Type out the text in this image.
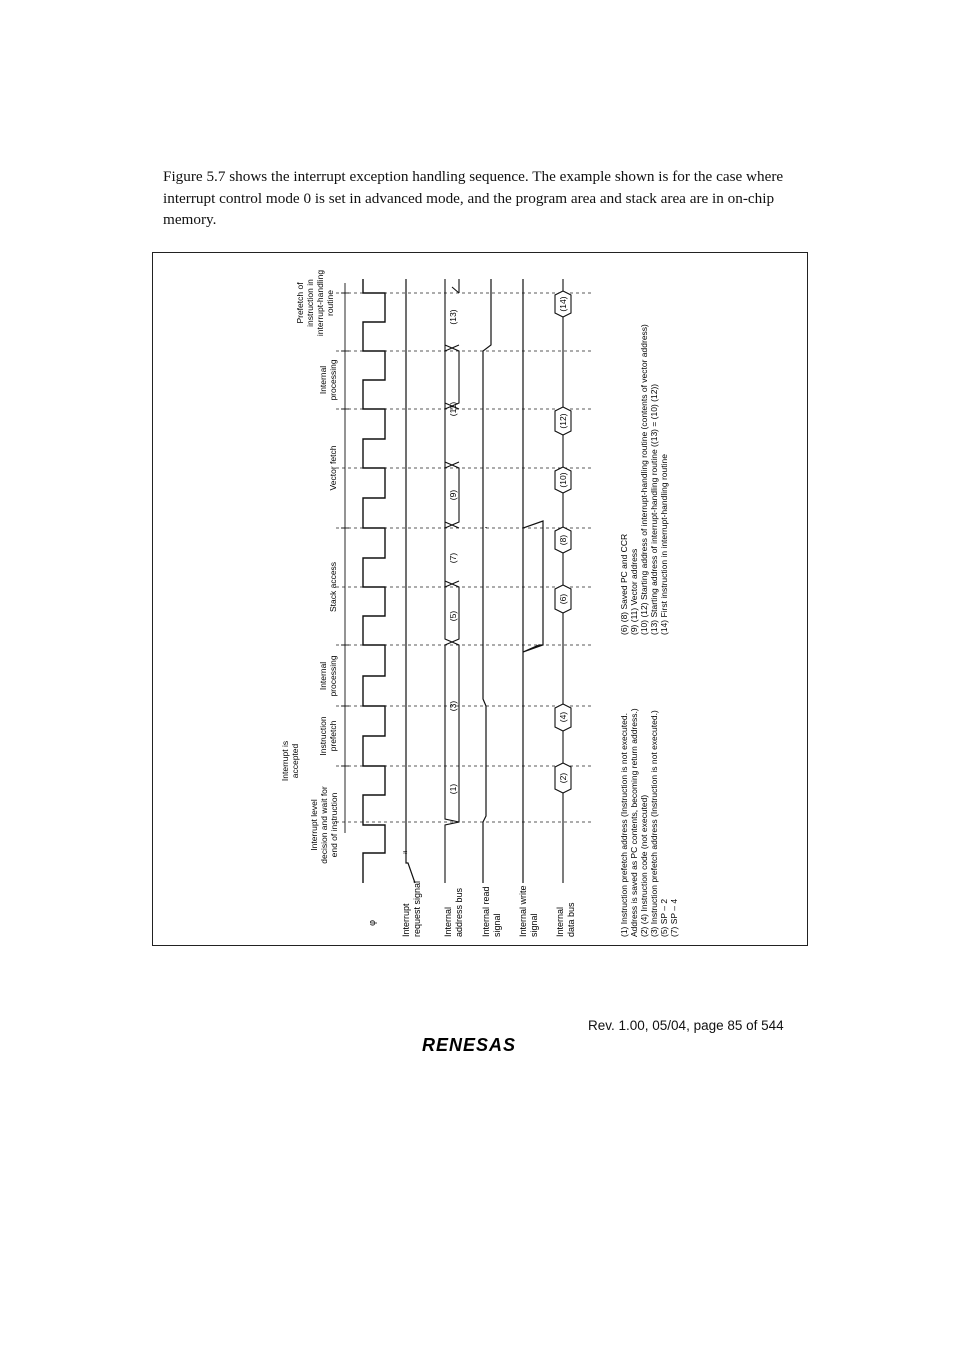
Figure 5.7 shows the interrupt exception handling sequence. The example shown is for the case where interrupt control mode 0 is set in advanced mode, and the program area and stack area are in on-chip memory.

≈
φ	Interrupt request signal Internal address bus Internal read signal Internal write signal Internal data bus
Interrupt is accepted
Interrupt level decision and wait for end of instruction
Instruction prefetch
Internal processing
Stack access
Vector fetch
Internal processing
Prefetch of instruction in interrupt-handling routine
(1)
(3)
(5)
(7)
(9)
(11)
(13)
(2)
(4)
(6)
(8)
(10)
(12)
(14)
(1) Instruction prefetch address (Instruction is not executed. Address is saved as PC contents, becoming return address.) (2) (4) Instruction code (not executed) (3) Instruction prefetch address (Instruction is not executed.) (5) SP – 2 (7) SP – 4
(6) (8) Saved PC and CCR (9) (11) Vector address (10) (12) Starting address of interrupt-handling routine (contents of vector address) (13) Starting address of interrupt-handling routine ((13) = (10) (12)) (14) First instruction in interrupt-handling routine
Rev. 1.00, 05/04, page 85 of 544
RENESAS
